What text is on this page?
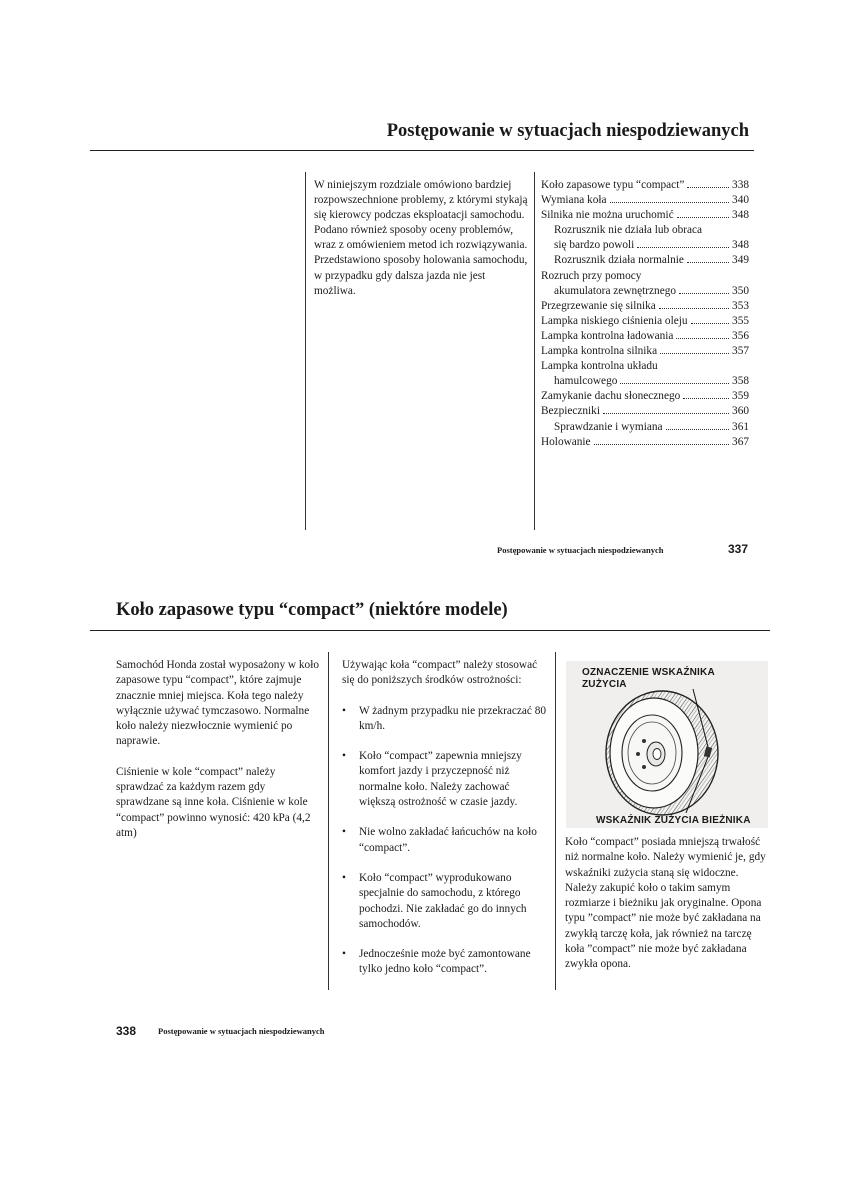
Postępowanie w sytuacjach niespodziewanych
W niniejszym rozdziale omówiono bardziej rozpowszechnione problemy, z którymi stykają się kierowcy podczas eksploatacji samochodu. Podano również sposoby oceny problemów, wraz z omówieniem metod ich rozwiązywania. Przedstawiono sposoby holowania samochodu, w przypadku gdy dalsza jazda nie jest możliwa.
Koło zapasowe typu “compact”	338
Wymiana koła	340
Silnika nie można uruchomić	348
Rozrusznik nie działa lub obraca
się bardzo powoli	348
Rozrusznik działa normalnie	349
Rozruch przy pomocy
akumulatora zewnętrznego	350
Przegrzewanie się silnika	353
Lampka niskiego ciśnienia oleju	355
Lampka kontrolna ładowania	356
Lampka kontrolna silnika	357
Lampka kontrolna układu
hamulcowego	358
Zamykanie dachu słonecznego	359
Bezpieczniki	360
Sprawdzanie i wymiana	361
Holowanie	367
Postępowanie w sytuacjach niespodziewanych	337
Koło zapasowe typu “compact” (niektóre modele)

Samochód Honda został wyposażony w koło zapasowe typu “compact”, które zajmuje znacznie mniej miejsca. Koła tego należy wyłącznie używać tymczasowo. Normalne koło należy niezwłocznie wymienić po naprawie.

Ciśnienie w kole “compact” należy sprawdzać za każdym razem gdy sprawdzane są inne koła. Ciśnienie w kole “compact” powinno wynosić: 420 kPa (4,2 atm)

Używając koła “compact” należy stosować się do poniższych środków ostrożności:

• W żadnym przypadku nie przekraczać 80 km/h.
• Koło “compact” zapewnia mniejszy komfort jazdy i przyczepność niż normalne koło. Należy zachować większą ostrożność w czasie jazdy.
• Nie wolno zakładać łańcuchów na koło “compact”.
• Koło “compact” wyprodukowano specjalnie do samochodu, z którego pochodzi. Nie zakładać go do innych samochodów.
• Jednocześnie może być zamontowane tylko jedno koło “compact”.
OZNACZENIE WSKAŹNIKA
ZUŻYCIA
WSKAŹNIK ZUŻYCIA BIEŻNIKA

Koło “compact” posiada mniejszą trwałość niż normalne koło. Należy wymienić je, gdy wskaźniki zużycia staną się widoczne. Należy zakupić koło o takim samym rozmiarze i bieżniku jak oryginalne. Opona typu ”compact” nie może być zakładana na zwykłą tarczę koła, jak również na tarczę koła ”compact” nie może być zakładana zwykła opona.

338	Postępowanie w sytuacjach niespodziewanych
